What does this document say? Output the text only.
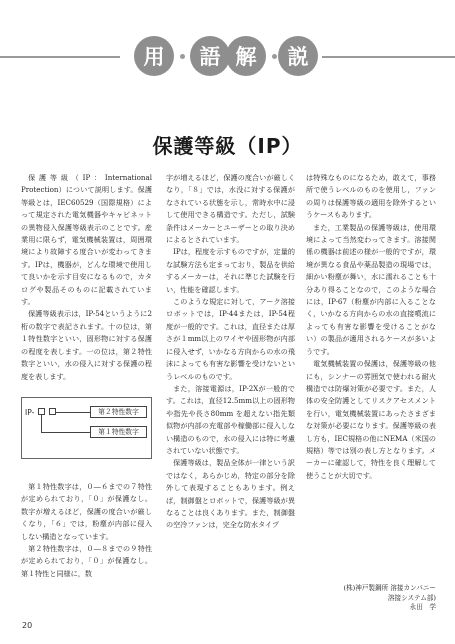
用	語 解	説
保護等級（IP）

保護等級（IP：International Protection）について説明します。保護等級とは，IEC60529（国際規格）によって規定された電気機器やキャビネットの異物侵入保護等級表示のことです。産業用に限らず，電気機械装置は，周囲環境により故障する度合いが変わってきます。IPは，機器が，どんな環境で使用して良いかを示す目安になるもので，カタログや製品そのものに記載されています。

保護等級表示は，IP-54というように2桁の数字で表記されます。十の位は，第１特性数字といい，固形物に対する保護の程度を表します。一の位は，第２特性数字といい，水の侵入に対する保護の程度を表します。

IP-	第２特性数字
第１特性数字

第１特性数字は，０―６までの７特性が定められており，「０」が保護なし。数字が増えるほど，保護の度合いが厳しくなり，「６」では，粉塵が内部に侵入しない構造となっています。

第２特性数字は，０―８までの９特性が定められており，「０」が保護なし。第１特性と同様に，数

字が増えるほど，保護の度合いが厳しくなり，「８」では，水没に対する保護がなされている状態を示し，常時水中に浸して使用できる構造です。ただし，試験条件はメーカーとユーザーとの取り決めによるとされています。

IPは，程度を示すものですが，定量的な試験方法も定まっており，製品を供給するメーカーは，それに準じた試験を行い，性能を確認します。

このような規定に対して，アーク溶接ロボットでは，IP-44または，IP-54程度が一般的です。これは，直径または厚さが１mm以上のワイヤや固形物が内部に侵入せず，いかなる方向からの水の飛沫によっても有害な影響を受けないというレベルのものです。

また，溶接電源は，IP-2Xが一般的です。これは，直径12.5mm以上の固形物や指先や長さ80mm を超えない指先類似物が内部の充電部や稼働部に侵入しない構造のもので，水の侵入には特に考慮されていない状態です。

保護等級は，製品全体が一律という訳ではなく，あらかじめ，特定の部分を除外して表現することもあります。例えば，制御盤とロボットで，保護等級が異なることは良くあります。また，制御盤の空冷ファンは，完全な防水タイプ

は特殊なものになるため，敢えて，事務所で使うレベルのものを使用し，ファンの周りは保護等級の適用を除外するというケースもあります。

また，工業製品の保護等級は，使用環境によって当然変わってきます。溶接関係の機器は前述の様が一般的ですが，環境が異なる食品や薬品製造の現場では，細かい粉塵が舞い，水に濡れることも十分あり得ることなので，このような場合には，IP-67（粉塵が内部に入ることなく，いかなる方向からの水の直接噴流によっても有害な影響を受けることがない）の製品が適用されるケースが多いようです。

電気機械装置の保護は，保護等級の他にも，シンナーの雰囲気で使われる耐火構造では防爆対策が必要です。また，人体の安全防護としてリスクアセスメントを行い，電気機械装置にあったさまざまな対策が必要になります。保護等級の表し方も，IEC規格の他にNEMA（米国の規格）等では別の表し方となります。メーカーに確認して，特性を良く理解して使うことが大切です。

(株)神戸製鋼所 溶接カンパニー
溶接システム部)
永田　学
20
